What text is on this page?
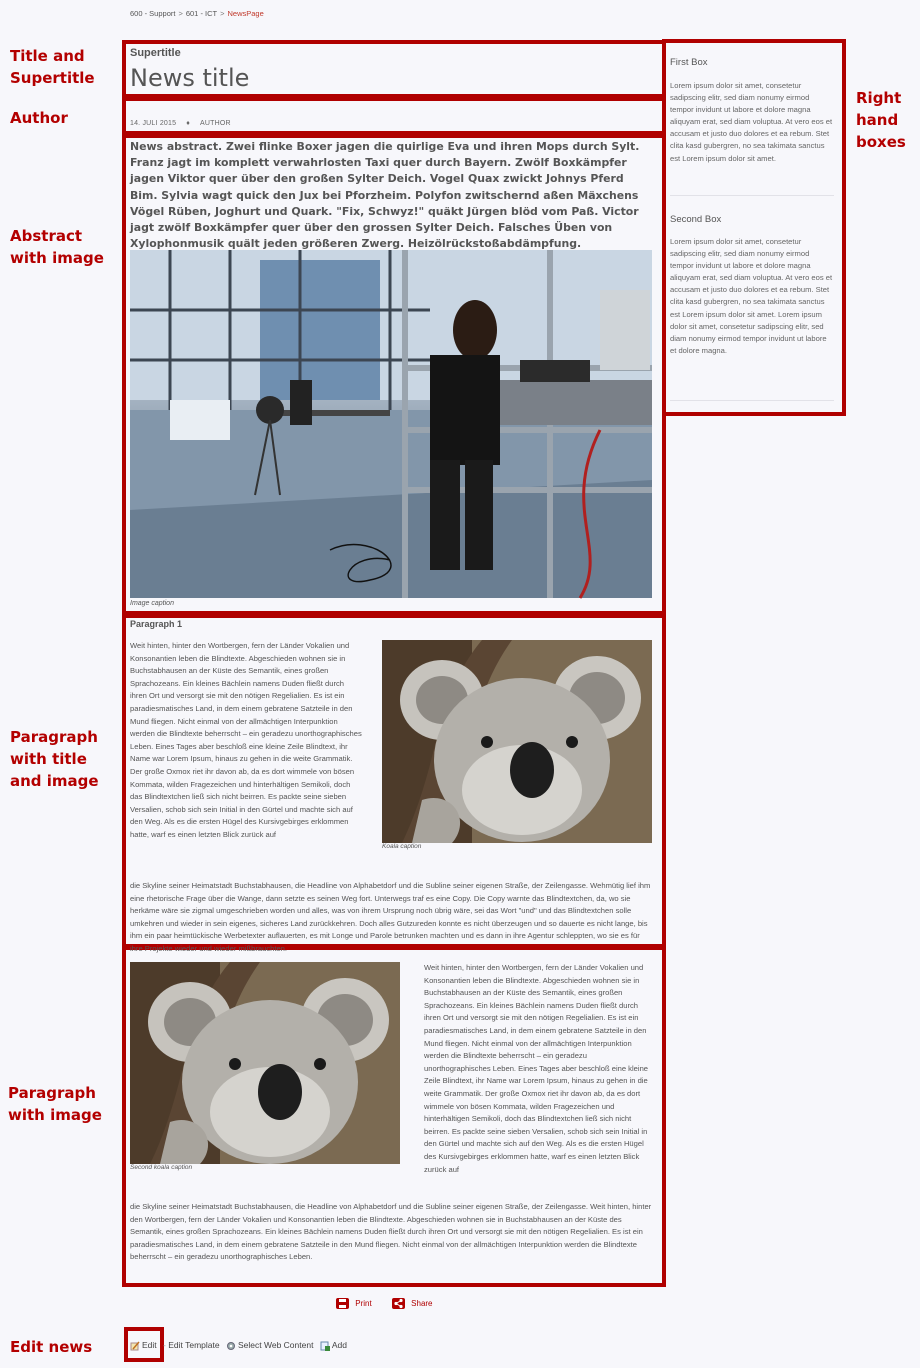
600 - Support > 601 - ICT > NewsPage
Title and
Supertitle
Author
Abstract
with image
Paragraph
with title
and image
Paragraph
with image
Edit news
Right
hand
boxes
Supertitle
News title
14. JULI 2015 ♦ AUTHOR
News abstract. Zwei flinke Boxer jagen die quirlige Eva und ihren Mops durch Sylt. Franz jagt im komplett verwahrlosten Taxi quer durch Bayern. Zwölf Boxkämpfer jagen Viktor quer über den großen Sylter Deich. Vogel Quax zwickt Johnys Pferd Bim. Sylvia wagt quick den Jux bei Pforzheim. Polyfon zwitschernd aßen Mäxchens Vögel Rüben, Joghurt und Quark. "Fix, Schwyz!" quäkt Jürgen blöd vom Paß. Victor jagt zwölf Boxkämpfer quer über den grossen Sylter Deich. Falsches Üben von Xylophonmusik quält jeden größeren Zwerg. Heizölrückstoßabdämpfung.
Image caption
Paragraph 1
Weit hinten, hinter den Wortbergen, fern der Länder Vokalien und Konsonantien leben die Blindtexte. Abgeschieden wohnen sie in Buchstabhausen an der Küste des Semantik, eines großen Sprachozeans. Ein kleines Bächlein namens Duden fließt durch ihren Ort und versorgt sie mit den nötigen Regelialien. Es ist ein paradiesmatisches Land, in dem einem gebratene Satzteile in den Mund fliegen. Nicht einmal von der allmächtigen Interpunktion werden die Blindtexte beherrscht – ein geradezu unorthographisches Leben. Eines Tages aber beschloß eine kleine Zeile Blindtext, ihr Name war Lorem Ipsum, hinaus zu gehen in die weite Grammatik. Der große Oxmox riet ihr davon ab, da es dort wimmele von bösen Kommata, wilden Fragezeichen und hinterhältigen Semikoli, doch das Blindtextchen ließ sich nicht beirren. Es packte seine sieben Versalien, schob sich sein Initial in den Gürtel und machte sich auf den Weg. Als es die ersten Hügel des Kursivgebirges erklommen hatte, warf es einen letzten Blick zurück auf
die Skyline seiner Heimatstadt Buchstabhausen, die Headline von Alphabetdorf und die Subline seiner eigenen Straße, der Zeilengasse. Wehmütig lief ihm eine rhetorische Frage über die Wange, dann setzte es seinen Weg fort. Unterwegs traf es eine Copy. Die Copy warnte das Blindtextchen, da, wo sie herkäme wäre sie zigmal umgeschrieben worden und alles, was von ihrem Ursprung noch übrig wäre, sei das Wort "und" und das Blindtextchen solle umkehren und wieder in sein eigenes, sicheres Land zurückkehren. Doch alles Gutzureden konnte es nicht überzeugen und so dauerte es nicht lange, bis ihm ein paar heimtückische Werbetexter auflauerten, es mit Longe und Parole betrunken machten und es dann in ihre Agentur schleppten, wo sie es für ihre Projekte wieder und wieder mißbrauchten.
Koala caption
Second koala caption
Weit hinten, hinter den Wortbergen, fern der Länder Vokalien und Konsonantien leben die Blindtexte. Abgeschieden wohnen sie in Buchstabhausen an der Küste des Semantik, eines großen Sprachozeans. Ein kleines Bächlein namens Duden fließt durch ihren Ort und versorgt sie mit den nötigen Regelialien. Es ist ein paradiesmatisches Land, in dem einem gebratene Satzteile in den Mund fliegen. Nicht einmal von der allmächtigen Interpunktion werden die Blindtexte beherrscht – ein geradezu unorthographisches Leben. Eines Tages aber beschloß eine kleine Zeile Blindtext, ihr Name war Lorem Ipsum, hinaus zu gehen in die weite Grammatik. Der große Oxmox riet ihr davon ab, da es dort wimmele von bösen Kommata, wilden Fragezeichen und hinterhältigen Semikoli, doch das Blindtextchen ließ sich nicht beirren. Es packte seine sieben Versalien, schob sich sein Initial in den Gürtel und machte sich auf den Weg. Als es die ersten Hügel des Kursivgebirges erklommen hatte, warf es einen letzten Blick zurück auf
die Skyline seiner Heimatstadt Buchstabhausen, die Headline von Alphabetdorf und die Subline seiner eigenen Straße, der Zeilengasse. Weit hinten, hinter den Wortbergen, fern der Länder Vokalien und Konsonantien leben die Blindtexte. Abgeschieden wohnen sie in Buchstabhausen an der Küste des Semantik, eines großen Sprachozeans. Ein kleines Bächlein namens Duden fließt durch ihren Ort und versorgt sie mit den nötigen Regelialien. Es ist ein paradiesmatisches Land, in dem einem gebratene Satzteile in den Mund fliegen. Nicht einmal von der allmächtigen Interpunktion werden die Blindtexte beherrscht – ein geradezu unorthographisches Leben.
First Box
Lorem ipsum dolor sit amet, consetetur sadipscing elitr, sed diam nonumy eirmod tempor invidunt ut labore et dolore magna aliquyam erat, sed diam voluptua. At vero eos et accusam et justo duo dolores et ea rebum. Stet clita kasd gubergren, no sea takimata sanctus est Lorem ipsum dolor sit amet.
Second Box
Lorem ipsum dolor sit amet, consetetur sadipscing elitr, sed diam nonumy eirmod tempor invidunt ut labore et dolore magna aliquyam erat, sed diam voluptua. At vero eos et accusam et justo duo dolores et ea rebum. Stet clita kasd gubergren, no sea takimata sanctus est Lorem ipsum dolor sit amet. Lorem ipsum dolor sit amet, consetetur sadipscing elitr, sed diam nonumy eirmod tempor invidunt ut labore et dolore magna.
Print	Share
Edit - Edit Template Select Web Content Add
